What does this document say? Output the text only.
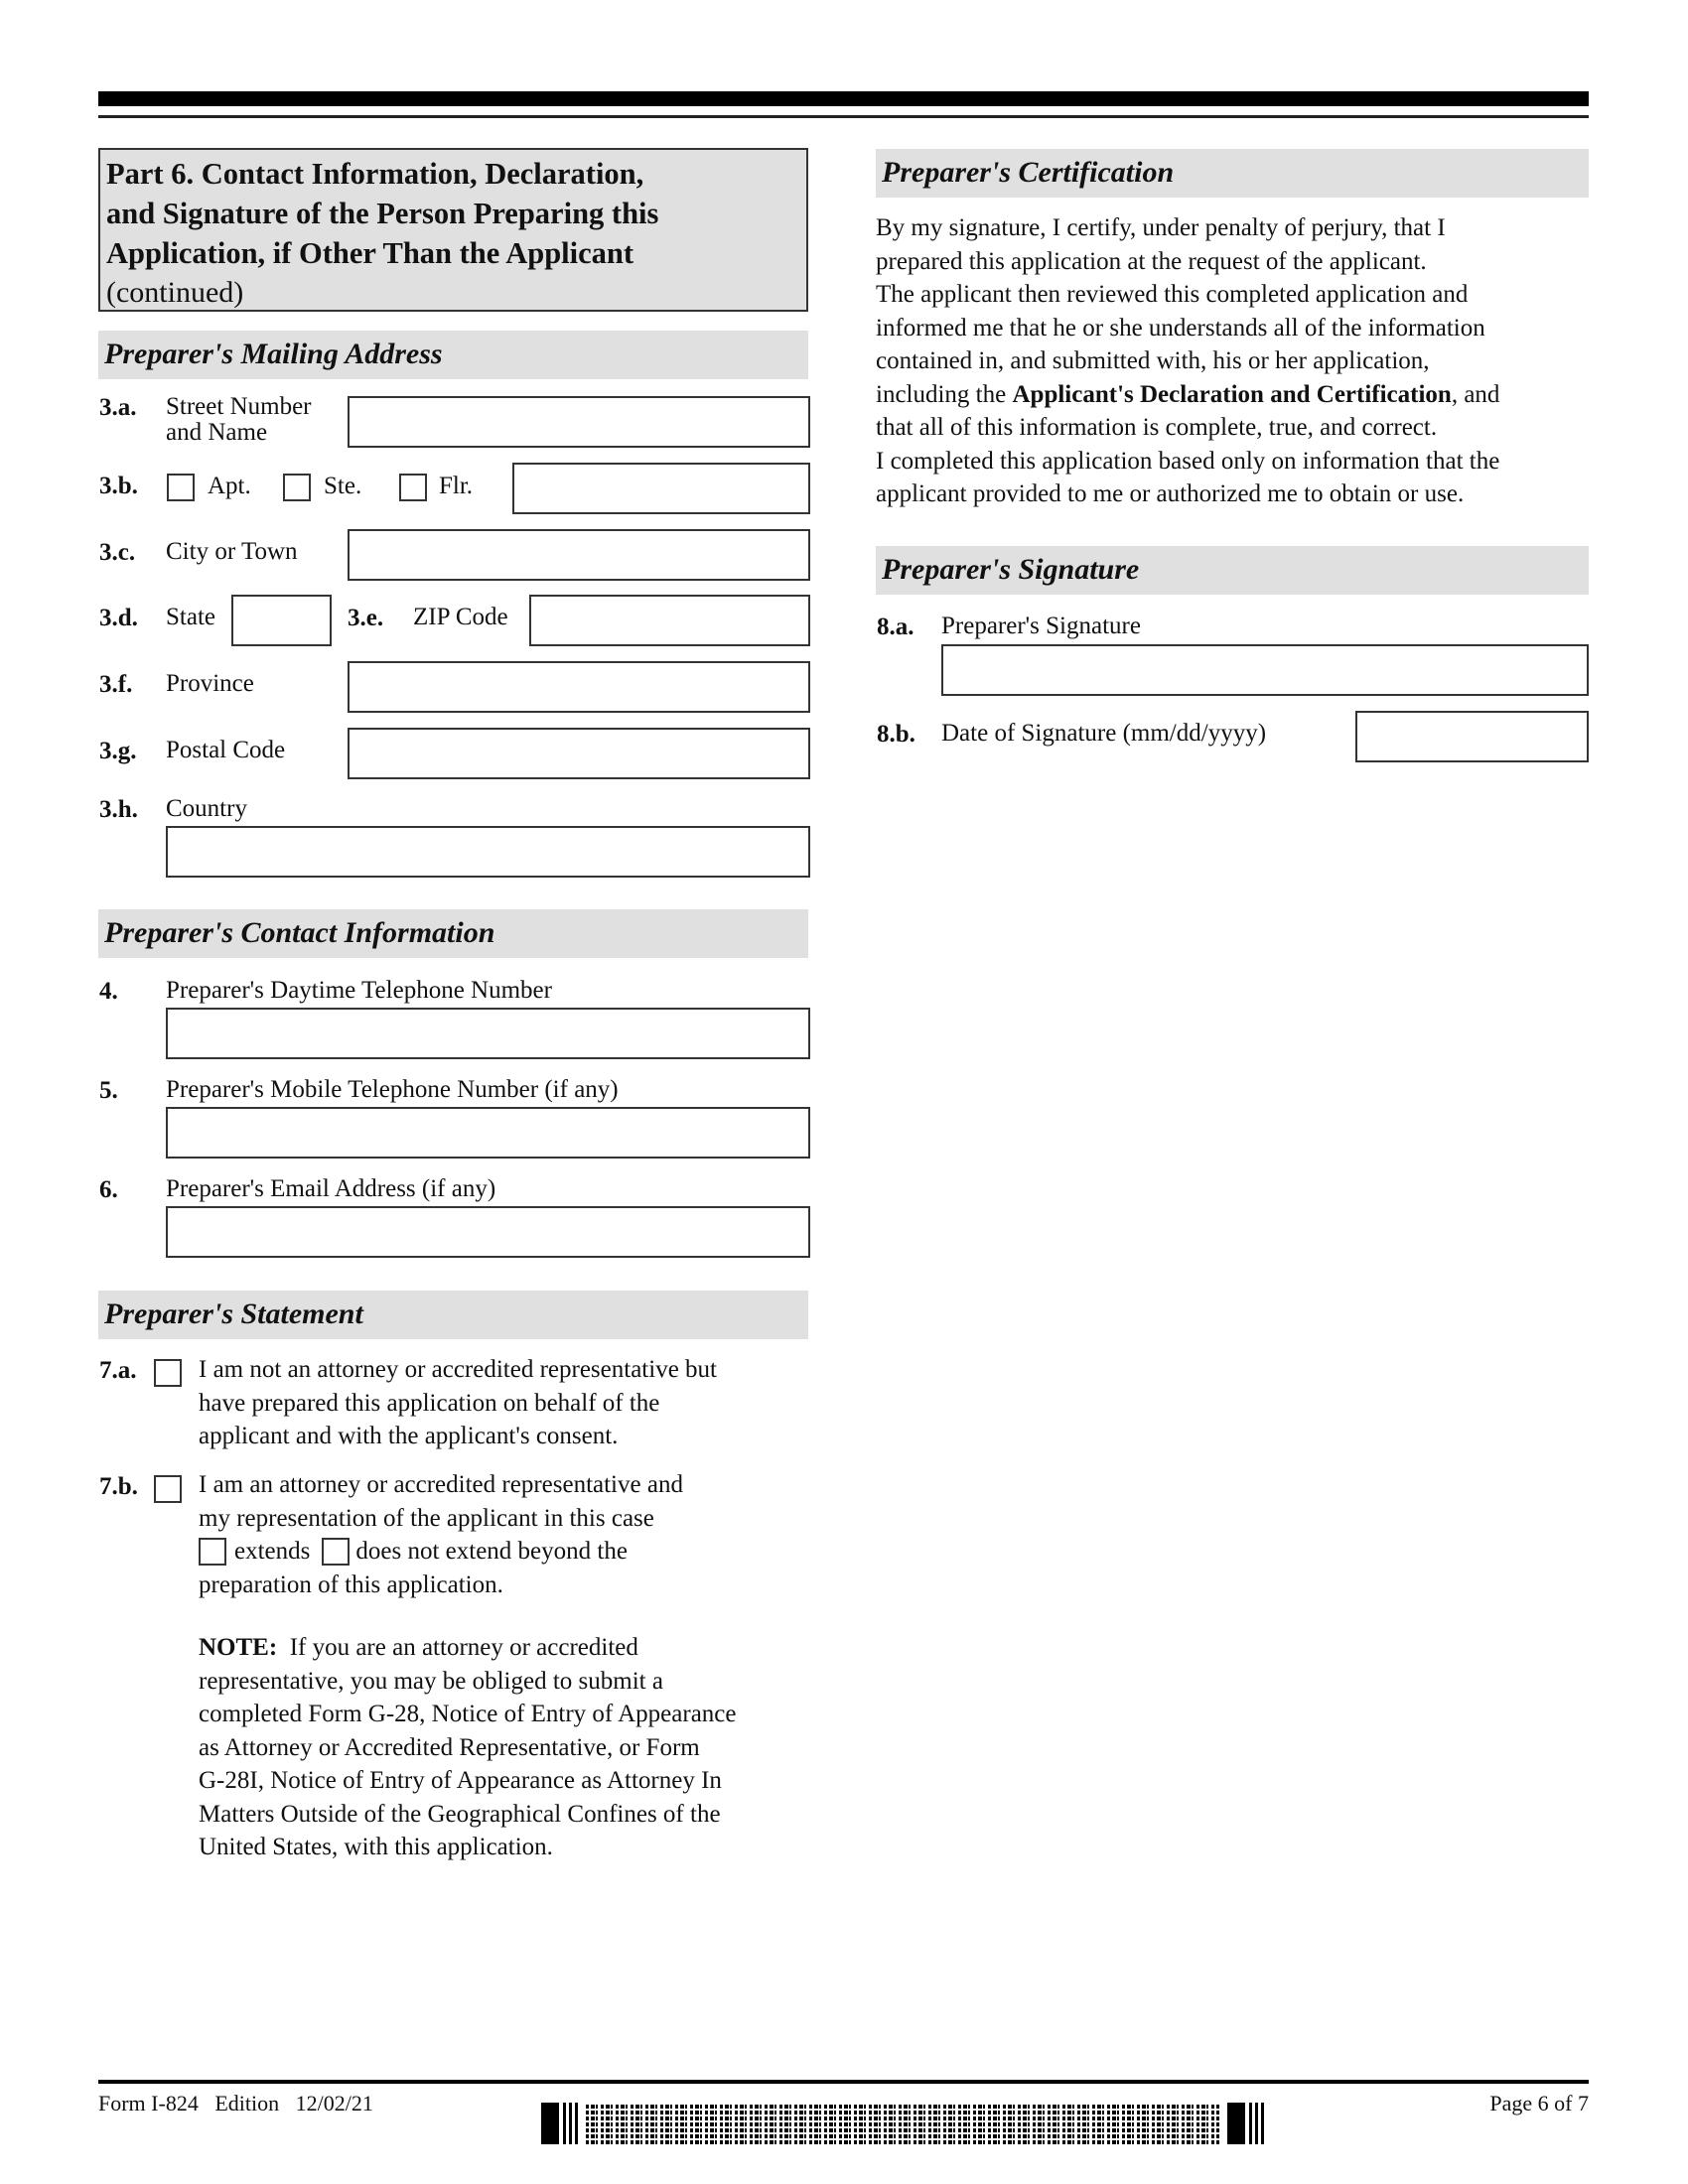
Part 6. Contact Information, Declaration,
and Signature of the Person Preparing this
Application, if Other Than the Applicant
(continued)
Preparer's Mailing Address
3.a. Street Number
and Name
3.b.	Apt.	Ste.	Flr.
3.c. City or Town
3.d. State	3.e. ZIP Code
3.f. Province
3.g. Postal Code
3.h. Country
Preparer's Contact Information
4. Preparer's Daytime Telephone Number
5. Preparer's Mobile Telephone Number (if any)
6. Preparer's Email Address (if any)
Preparer's Statement
7.a.	I am not an attorney or accredited representative but
have prepared this application on behalf of the
applicant and with the applicant's consent.
7.b. I am an attorney or accredited representative and
my representation of the applicant in this case
extends does not extend beyond the
preparation of this application.
NOTE: If you are an attorney or accredited
representative, you may be obliged to submit a
completed Form G-28, Notice of Entry of Appearance
as Attorney or Accredited Representative, or Form
G-28I, Notice of Entry of Appearance as Attorney In
Matters Outside of the Geographical Confines of the
United States, with this application.
Preparer's Certification
By my signature, I certify, under penalty of perjury, that I
prepared this application at the request of the applicant.
The applicant then reviewed this completed application and
informed me that he or she understands all of the information
contained in, and submitted with, his or her application,
including the Applicant's Declaration and Certification, and
that all of this information is complete, true, and correct.
I completed this application based only on information that the
applicant provided to me or authorized me to obtain or use.
Preparer's Signature
8.a. Preparer's Signature
8.b. Date of Signature (mm/dd/yyyy)
Form I-824 Edition 12/02/21	Page 6 of 7
